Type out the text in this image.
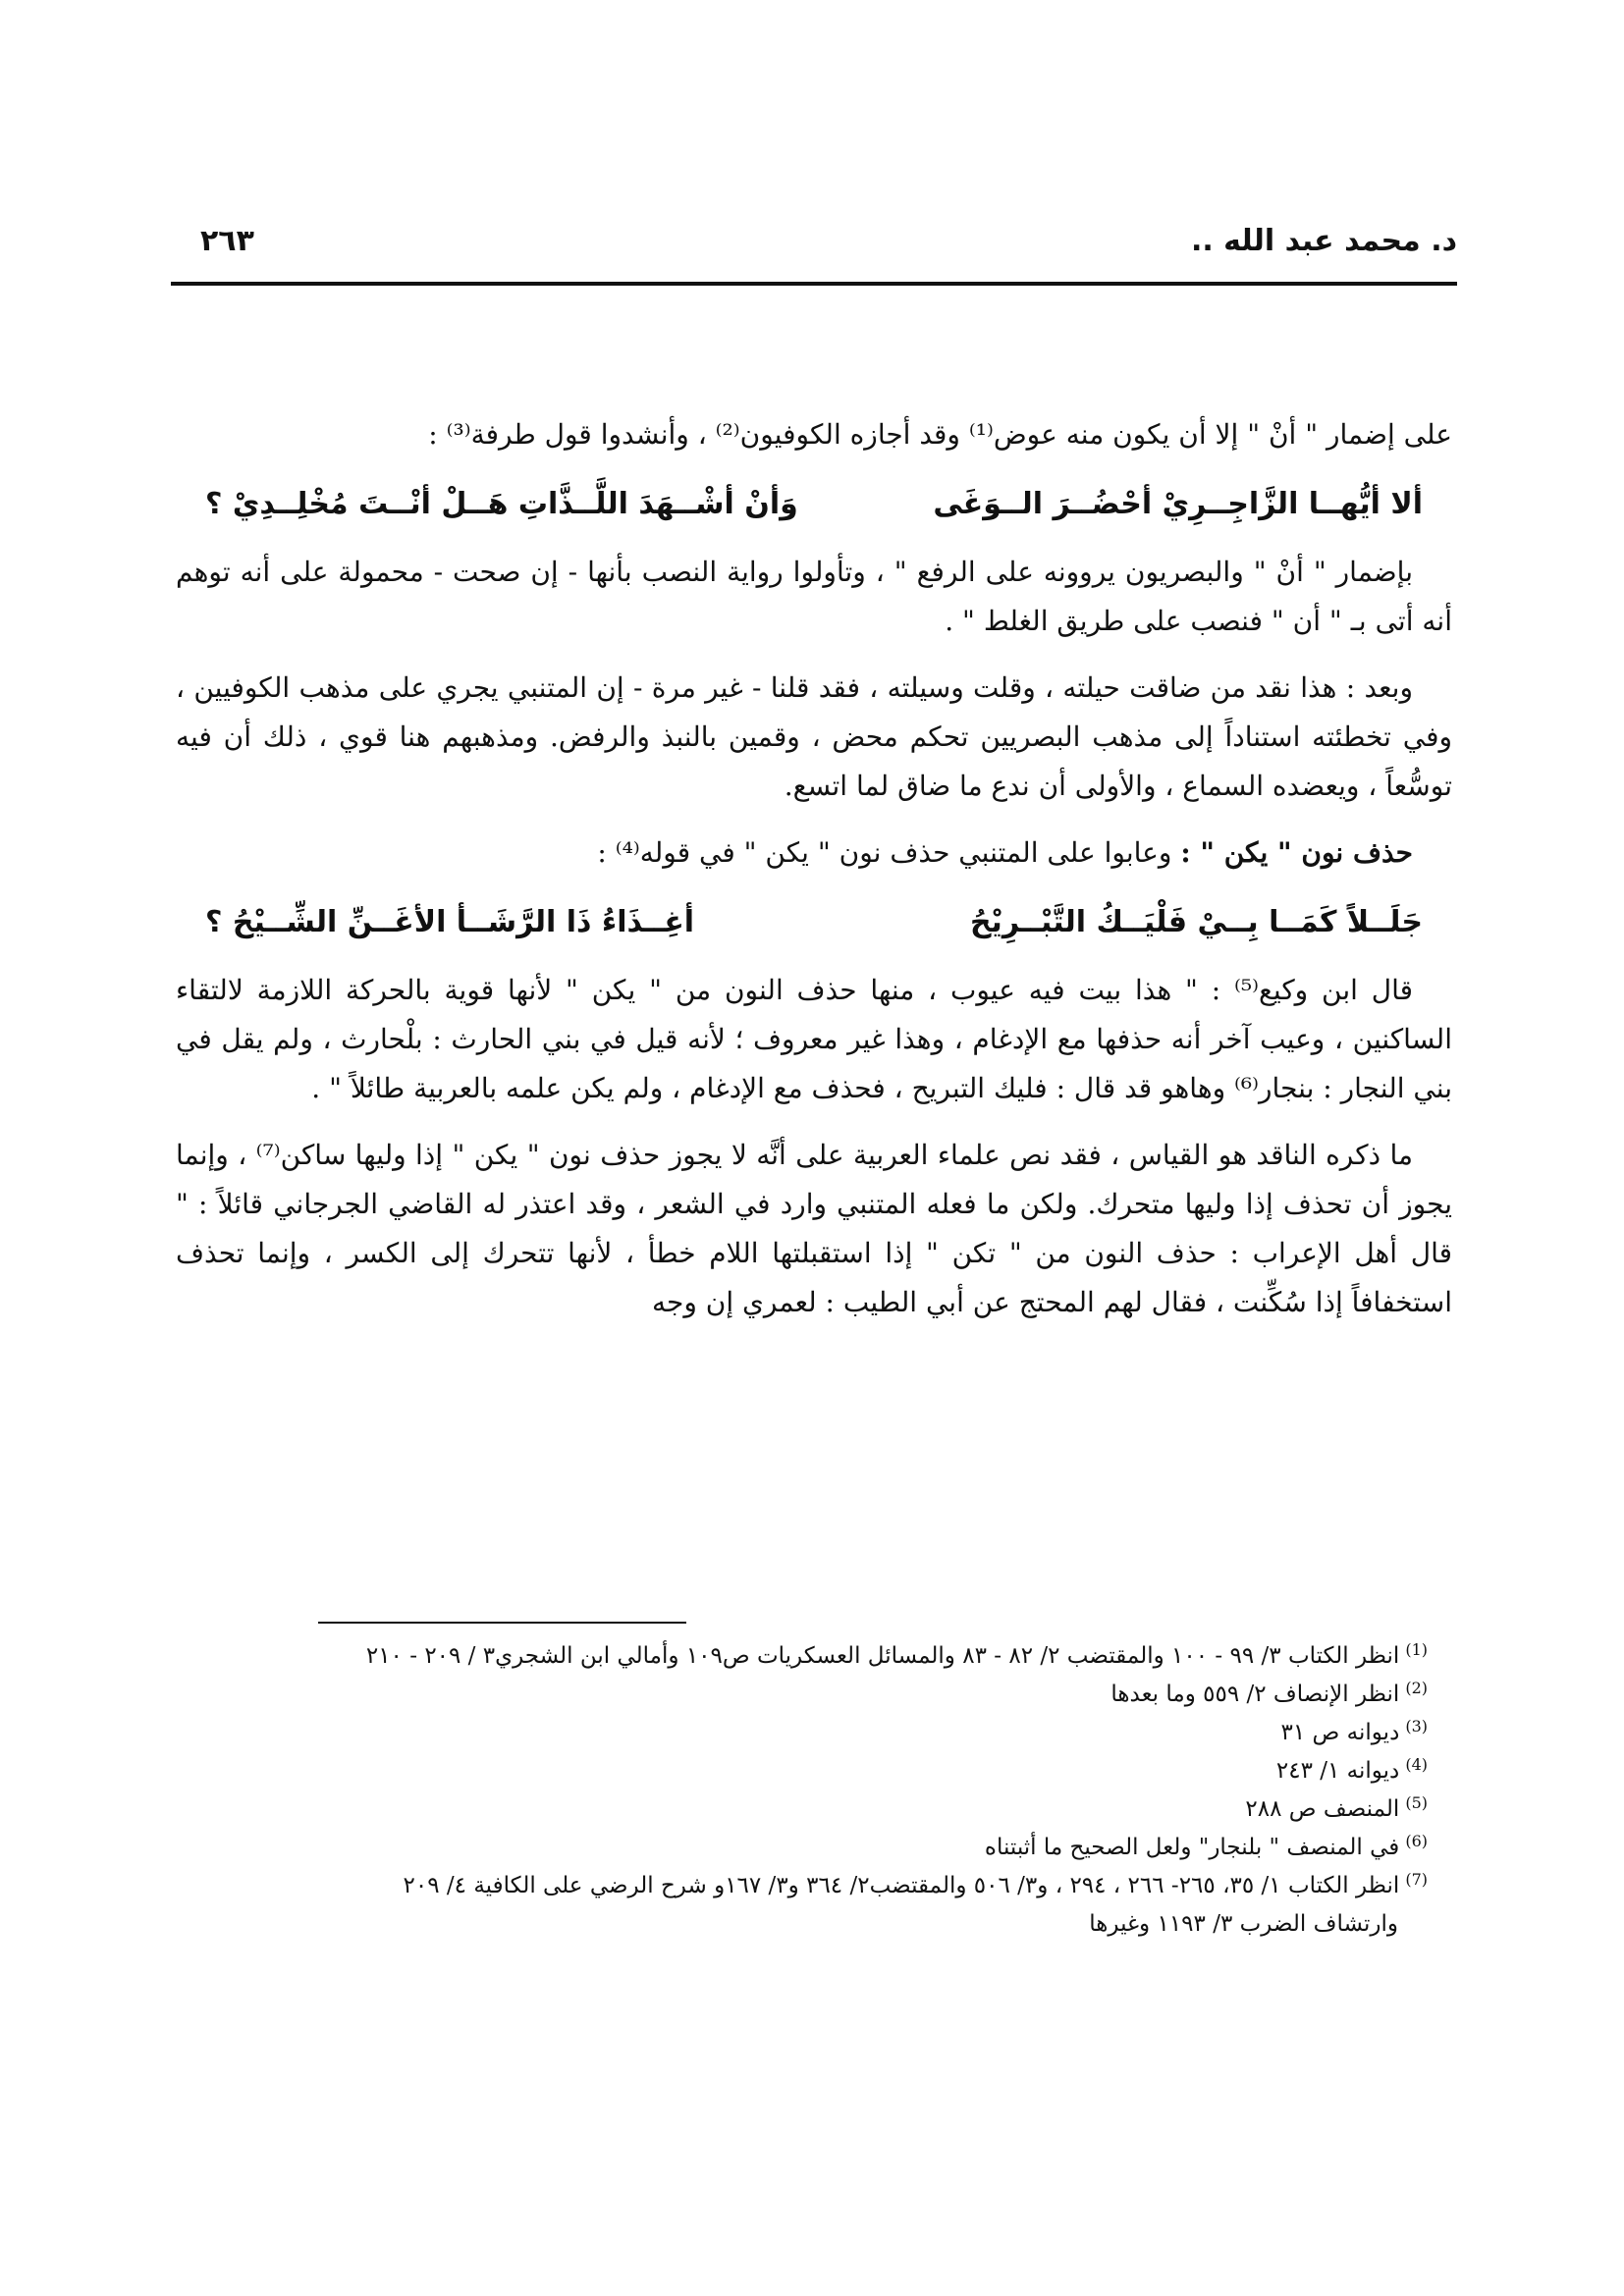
د. محمد عبد الله ..
٢٦٣

على إضمار " أنْ " إلا أن يكون منه عوض⁽¹⁾ وقد أجازه الكوفيون⁽²⁾ ، وأنشدوا قول طرفة⁽³⁾ :

ألا أيُّهــا الزَّاجِــرِيْ أحْضُــرَ الــوَغَى
وَأنْ أشْــهَدَ اللَّــذَّاتِ هَــلْ أنْــتَ مُخْلِــدِيْ ؟

بإضمار " أنْ " والبصريون يروونه على الرفع " ، وتأولوا رواية النصب بأنها - إن صحت - محمولة على أنه توهم أنه أتى بـ " أن " فنصب على طريق الغلط " .

وبعد : هذا نقد من ضاقت حيلته ، وقلت وسيلته ، فقد قلنا - غير مرة - إن المتنبي يجري على مذهب الكوفيين ، وفي تخطئته استناداً إلى مذهب البصريين تحكم محض ، وقمين بالنبذ والرفض. ومذهبهم هنا قوي ، ذلك أن فيه توسُّعاً ، ويعضده السماع ، والأولى أن ندع ما ضاق لما اتسع.

حذف نون " يكن " : وعابوا على المتنبي حذف نون " يكن " في قوله⁽⁴⁾ :

جَلَــلاً كَمَــا بِــيْ فَلْيَــكُ التَّبْــرِيْحُ
أغِــذَاءُ ذَا الرَّشَــأ الأغَــنِّ الشِّــيْحُ ؟

قال ابن وكيع⁽⁵⁾ : " هذا بيت فيه عيوب ، منها حذف النون من " يكن " لأنها قوية بالحركة اللازمة لالتقاء الساكنين ، وعيب آخر أنه حذفها مع الإدغام ، وهذا غير معروف ؛ لأنه قيل في بني الحارث : بلْحارث ، ولم يقل في بني النجار : بنجار⁽⁶⁾ وهاهو قد قال : فليك التبريح ، فحذف مع الإدغام ، ولم يكن علمه بالعربية طائلاً " .

ما ذكره الناقد هو القياس ، فقد نص علماء العربية على أنَّه لا يجوز حذف نون " يكن " إذا وليها ساكن⁽⁷⁾ ، وإنما يجوز أن تحذف إذا وليها متحرك. ولكن ما فعله المتنبي وارد في الشعر ، وقد اعتذر له القاضي الجرجاني قائلاً : " قال أهل الإعراب : حذف النون من " تكن " إذا استقبلتها اللام خطأ ، لأنها تتحرك إلى الكسر ، وإنما تحذف استخفافاً إذا سُكِّنت ، فقال لهم المحتج عن أبي الطيب : لعمري إن وجه

(1)
انظر الكتاب ٣/ ٩٩ - ١٠٠ والمقتضب ٢/ ٨٢ - ٨٣ والمسائل العسكريات ص١٠٩ وأمالي ابن الشجري٣ / ٢٠٩ - ٢١٠
(2)
انظر الإنصاف ٢/ ٥٥٩ وما بعدها
(3)
ديوانه ص ٣١
(4)
ديوانه ١/ ٢٤٣
(5)
المنصف ص ٢٨٨
(6)
في المنصف " بلنجار" ولعل الصحيح ما أثبتناه
(7)
انظر الكتاب ١/ ٣٥، ٢٦٥- ٢٦٦ ، ٢٩٤ ، و٣/ ٥٠٦ والمقتضب٢/ ٣٦٤ و٣/ ١٦٧و شرح الرضي على الكافية ٤/ ٢٠٩
وارتشاف الضرب ٣/ ١١٩٣ وغيرها
